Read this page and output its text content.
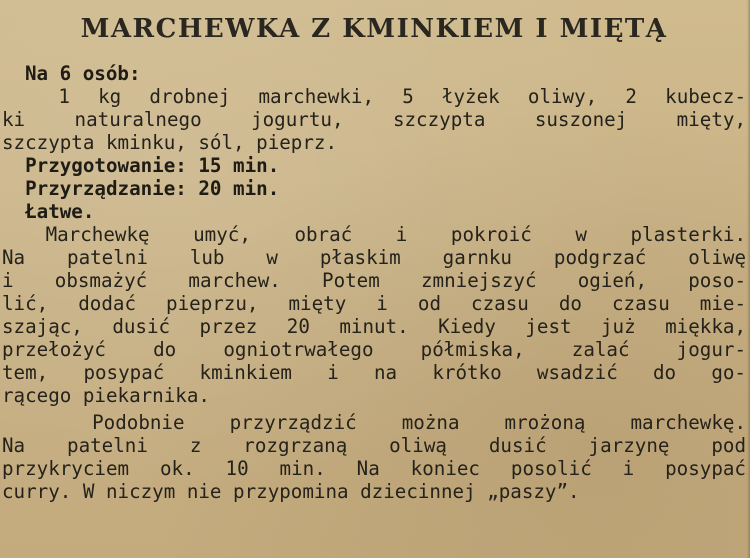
MARCHEWKA Z KMINKIEM I MIĘTĄ
Na 6 osób:
1 kg drobnej marchewki, 5 łyżek oliwy, 2 kubecz-
ki  naturalnego  jogurtu,  szczypta  suszonej  mięty,
szczypta kminku, sól, pieprz.
Przygotowanie: 15 min.
Przyrządzanie: 20 min.
Łatwe.
Marchewkę  umyć,  obrać  i  pokroić  w  plasterki.
Na  patelni  lub  w  płaskim  garnku  podgrzać  oliwę
i obsmażyć marchew. Potem zmniejszyć ogień, poso-
lić, dodać pieprzu, mięty i od czasu do czasu mie-
szając, dusić przez 20 minut. Kiedy jest już miękka,
przełożyć do ogniotrwałego półmiska, zalać jogur-
tem, posypać kminkiem i na krótko wsadzić do go-
rącego piekarnika.
Podobnie przyrządzić można mrożoną marchewkę.
Na  patelni  z  rozgrzaną  oliwą  dusić  jarzynę  pod
przykryciem ok. 10 min. Na koniec posolić i posypać
curry. W niczym nie przypomina dziecinnej „paszy”.
